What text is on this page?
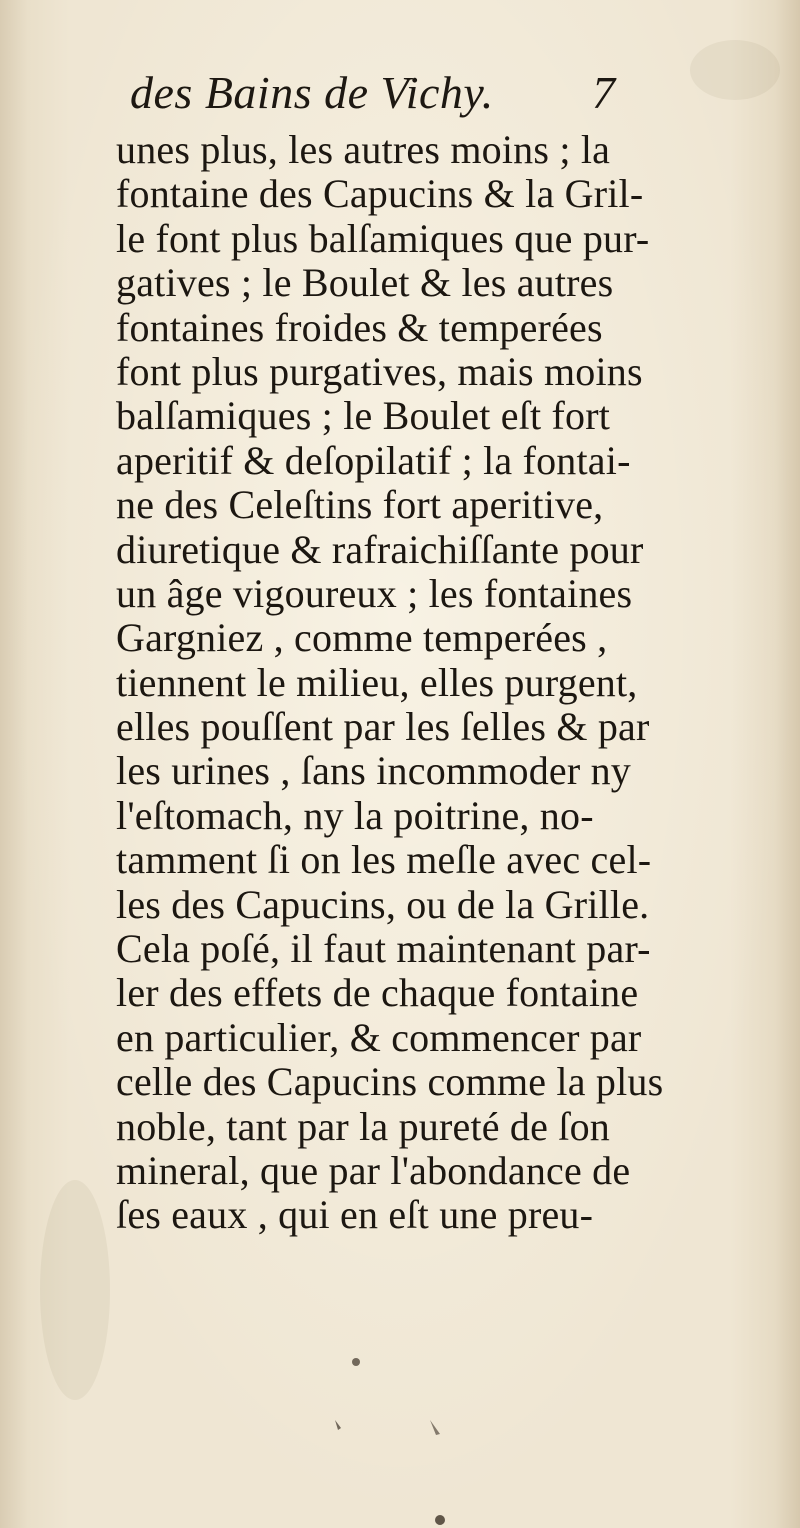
des Bains de Vichy. 7
unes plus, les autres moins ; la
fontaine des Capucins & la Gril-
le font plus balſamiques que pur-
gatives ; le Boulet & les autres
fontaines froides & temperées
font plus purgatives, mais moins
balſamiques ; le Boulet eſt fort
aperitif & deſopilatif ; la fontai-
ne des Celeſtins fort aperitive,
diuretique & rafraichiſſante pour
un âge vigoureux ; les fontaines
Gargniez , comme temperées ,
tiennent le milieu, elles purgent,
elles pouſſent par les ſelles & par
les urines , ſans incommoder ny
l'eſtomach, ny la poitrine, no-
tamment ſi on les meſle avec cel-
les des Capucins, ou de la Grille.
Cela poſé, il faut maintenant par-
ler des effets de chaque fontaine
en particulier, & commencer par
celle des Capucins comme la plus
noble, tant par la pureté de ſon
mineral, que par l'abondance de
ſes eaux , qui en eſt une preu-
